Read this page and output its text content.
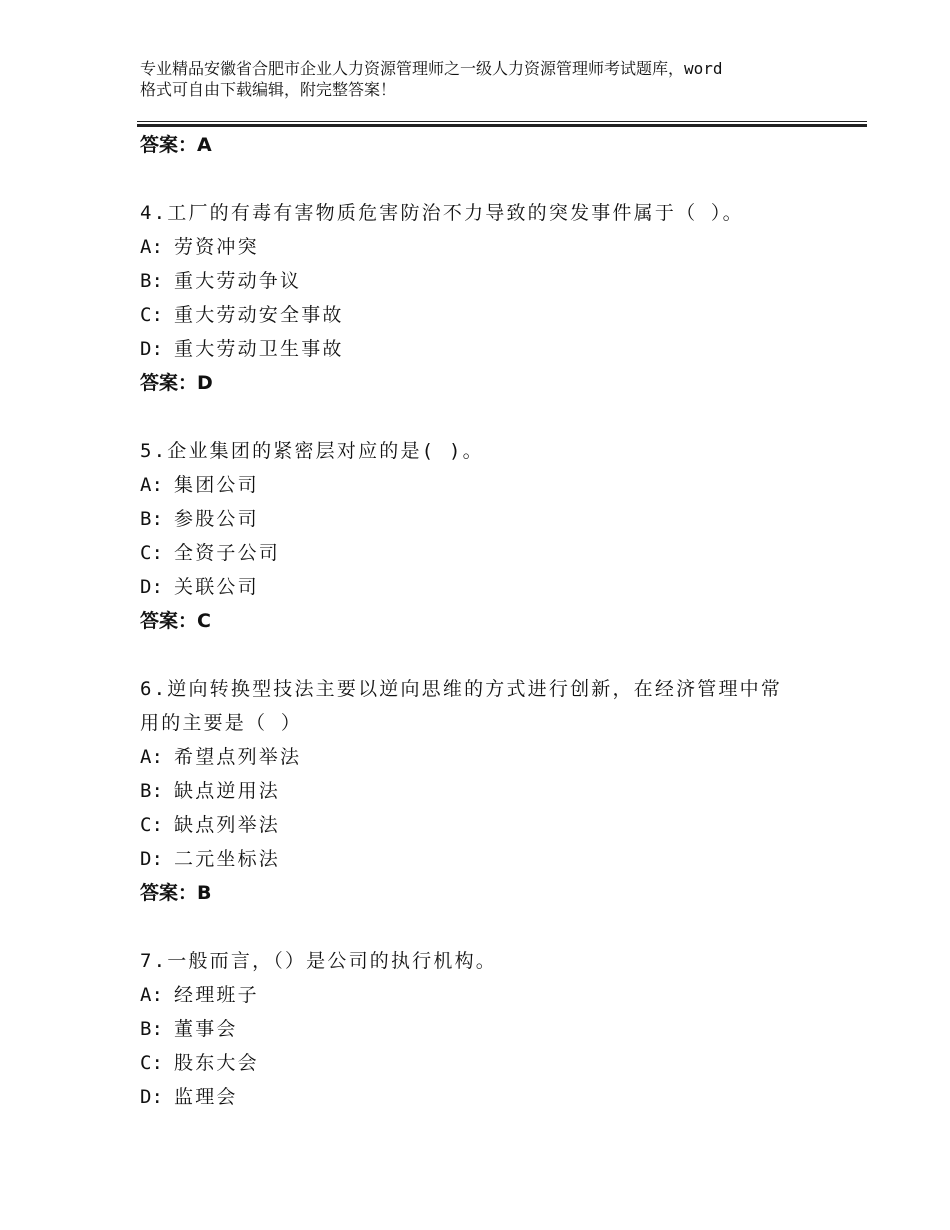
专业精品安徽省合肥市企业人力资源管理师之一级人力资源管理师考试题库，word
格式可自由下载编辑，附完整答案！
答案：A
4.工厂的有毒有害物质危害防治不力导致的突发事件属于（ ）。
A: 劳资冲突
B: 重大劳动争议
C: 重大劳动安全事故
D: 重大劳动卫生事故
答案：D
5.企业集团的紧密层对应的是( )。
A: 集团公司
B: 参股公司
C: 全资子公司
D: 关联公司
答案：C
6.逆向转换型技法主要以逆向思维的方式进行创新，在经济管理中常
用的主要是（ ）
A: 希望点列举法
B: 缺点逆用法
C: 缺点列举法
D: 二元坐标法
答案：B
7.一般而言，（）是公司的执行机构。
A: 经理班子
B: 董事会
C: 股东大会
D: 监理会
